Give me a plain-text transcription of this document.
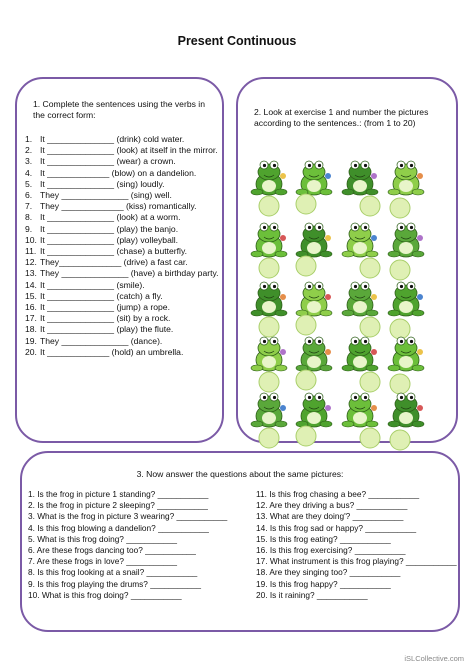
Present Continuous
1. Complete the sentences using the verbs in the correct form:
1. It ______________ (drink) cold water.
2. It ______________ (look) at itself in the mirror.
3. It ______________ (wear) a crown.
4. It _____________ (blow) on a dandelion.
5. It ______________ (sing) loudly.
6. They ______________ (sing) well.
7. They _____________ (kiss) romantically.
8. It ______________ (look) at a worm.
9. It ______________ (play) the banjo.
10. It ______________ (play) volleyball.
11. It ______________ (chase) a butterfly.
12. They_____________ (drive) a fast car.
13. They ______________ (have) a birthday party.
14. It ______________ (smile).
15. It ______________ (catch) a fly.
16. It ______________ (jump) a rope.
17. It ______________ (sit) by a rock.
18. It ______________ (play) the flute.
19. They ______________ (dance).
20. It _____________ (hold) an umbrella.
2. Look at exercise 1 and number the pictures according to the sentences.: (from 1 to 20)
3. Now answer the questions about the same pictures:
1. Is the frog in picture 1 standing? ___________
2. Is the frog in picture 2 sleeping? ___________
3. What is the frog in picture 3 wearing? ___________
4. Is this frog blowing a dandelion? ___________
5. What is this frog doing? ___________
6. Are these frogs dancing too? ___________
7. Are these frogs in love? ___________
8. Is this frog looking at a snail? ___________
9. Is this frog playing the drums? ___________
10. What is this frog doing? ___________
11. Is this frog chasing a bee? ___________
12. Are they driving a bus? ___________
13. What are they doing'? ___________
14. Is this frog sad or happy? ___________
15. Is this frog eating? ___________
16. Is this frog exercising? ___________
17. What instrument is this frog playing? ___________
18. Are they singing too? ___________
19. Is this frog happy? ___________
20. Is it raining? ___________
iSLCollective.com
